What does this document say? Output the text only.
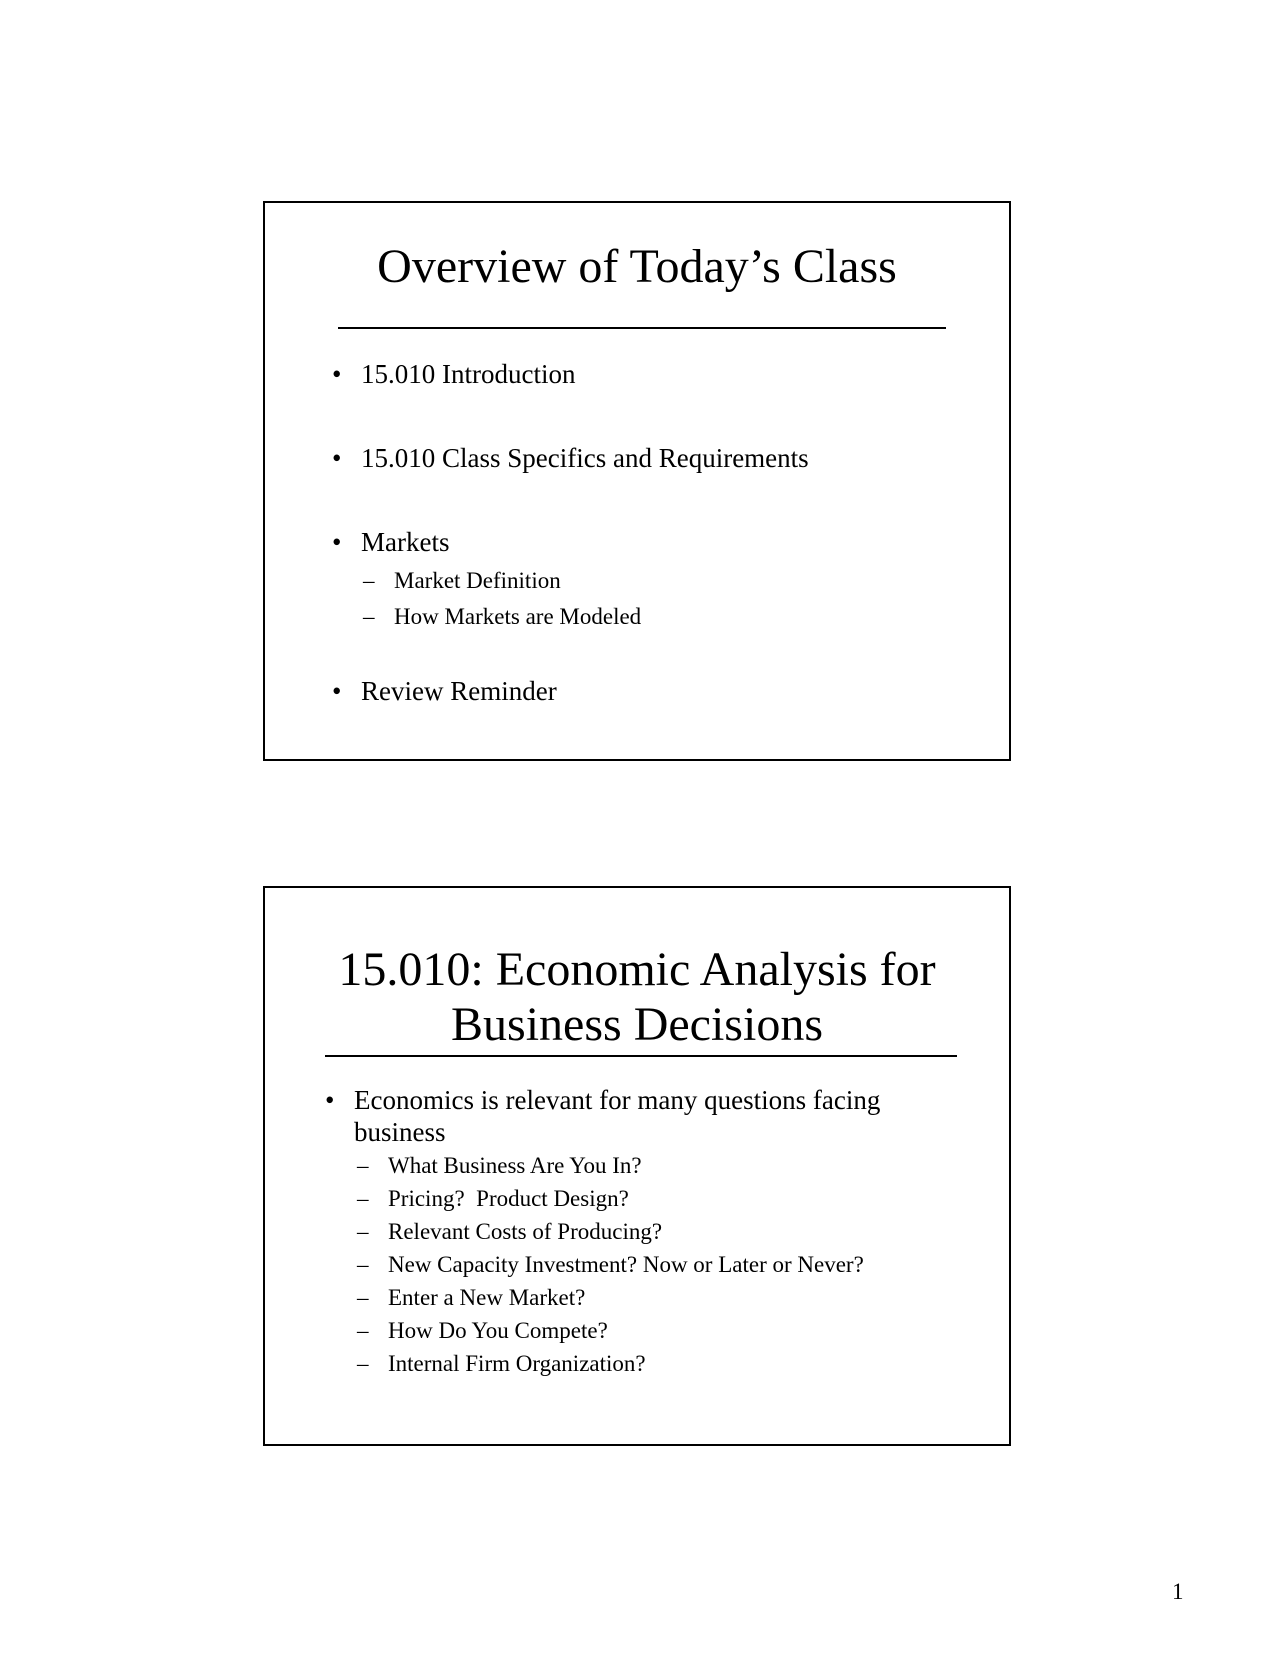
Overview of Today’s Class
• 15.010 Introduction
• 15.010 Class Specifics and Requirements
• Markets
– Market Definition
– How Markets are Modeled
• Review Reminder
15.010: Economic Analysis for
Business Decisions
• Economics is relevant for many questions facing
business
– What Business Are You In?
– Pricing?  Product Design?
– Relevant Costs of Producing?
– New Capacity Investment? Now or Later or Never?
– Enter a New Market?
– How Do You Compete?
– Internal Firm Organization?
1
